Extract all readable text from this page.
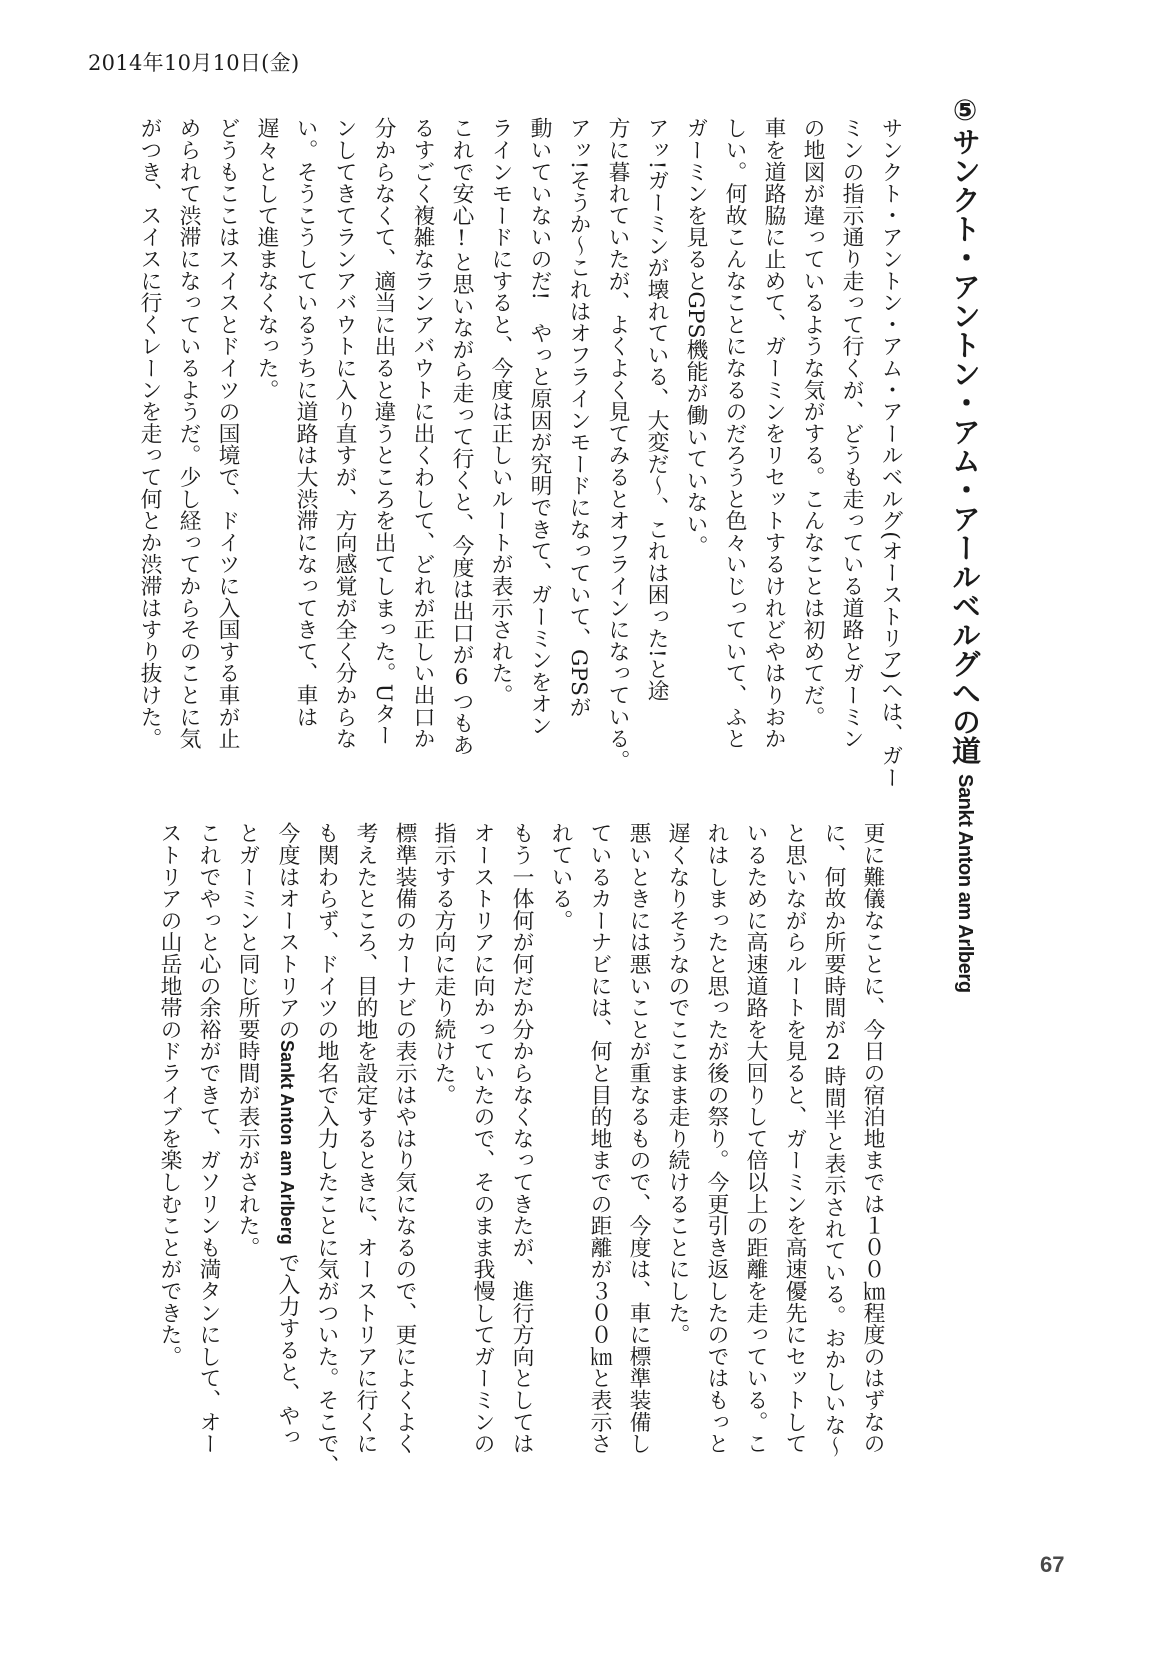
2014年10月10日(金)
⑤サンクト・アントン・アム・アールベルグへの道Sankt Anton am Arlberg
サンクト・アントン・アム・アールベルグ(オーストリア)へは、ガー
ミンの指示通り走って行くが、どうも走っている道路とガーミン
の地図が違っているような気がする。こんなことは初めてだ。
車を道路脇に止めて、ガーミンをリセットするけれどやはりおか
しい。何故こんなことになるのだろうと色々いじっていて、ふと
ガーミンを見るとGPS機能が働いていない。
アッ!ガーミンが壊れている、大変だ〜、これは困った!と途
方に暮れていたが、よくよく見てみるとオフラインになっている。
アッ!そうか〜これはオフラインモードになっていて、GPSが
動いていないのだ!　やっと原因が究明できて、ガーミンをオン
ラインモードにすると、今度は正しいルートが表示された。
これで安心!と思いながら走って行くと、今度は出口が6つもあ
るすごく複雑なランアバウトに出くわして、どれが正しい出口か
分からなくて、適当に出ると違うところを出てしまった。Uター
ンしてきてランアバウトに入り直すが、方向感覚が全く分からな
い。そうこうしているうちに道路は大渋滞になってきて、車は
遅々として進まなくなった。
どうもここはスイスとドイツの国境で、ドイツに入国する車が止
められて渋滞になっているようだ。少し経ってからそのことに気
がつき、スイスに行くレーンを走って何とか渋滞はすり抜けた。
更に難儀なことに、今日の宿泊地までは１００㎞程度のはずなの
に、何故か所要時間が2時間半と表示されている。おかしいな〜
と思いながらルートを見ると、ガーミンを高速優先にセットして
いるために高速道路を大回りして倍以上の距離を走っている。こ
れはしまったと思ったが後の祭り。今更引き返したのではもっと
遅くなりそうなのでここまま走り続けることにした。
悪いときには悪いことが重なるもので、今度は、車に標準装備し
ているカーナビには、何と目的地までの距離が３００㎞と表示さ
れている。
もう一体何が何だか分からなくなってきたが、進行方向としては
オーストリアに向かっていたので、そのまま我慢してガーミンの
指示する方向に走り続けた。
標準装備のカーナビの表示はやはり気になるので、更によくよく
考えたところ、目的地を設定するときに、オーストリアに行くに
も関わらず、ドイツの地名で入力したことに気がついた。そこで、
今度はオーストリアのSankt Anton am Arlberg で入力すると、やっ
とガーミンと同じ所要時間が表示がされた。
これでやっと心の余裕ができて、ガソリンも満タンにして、オー
ストリアの山岳地帯のドライブを楽しむことができた。
67
